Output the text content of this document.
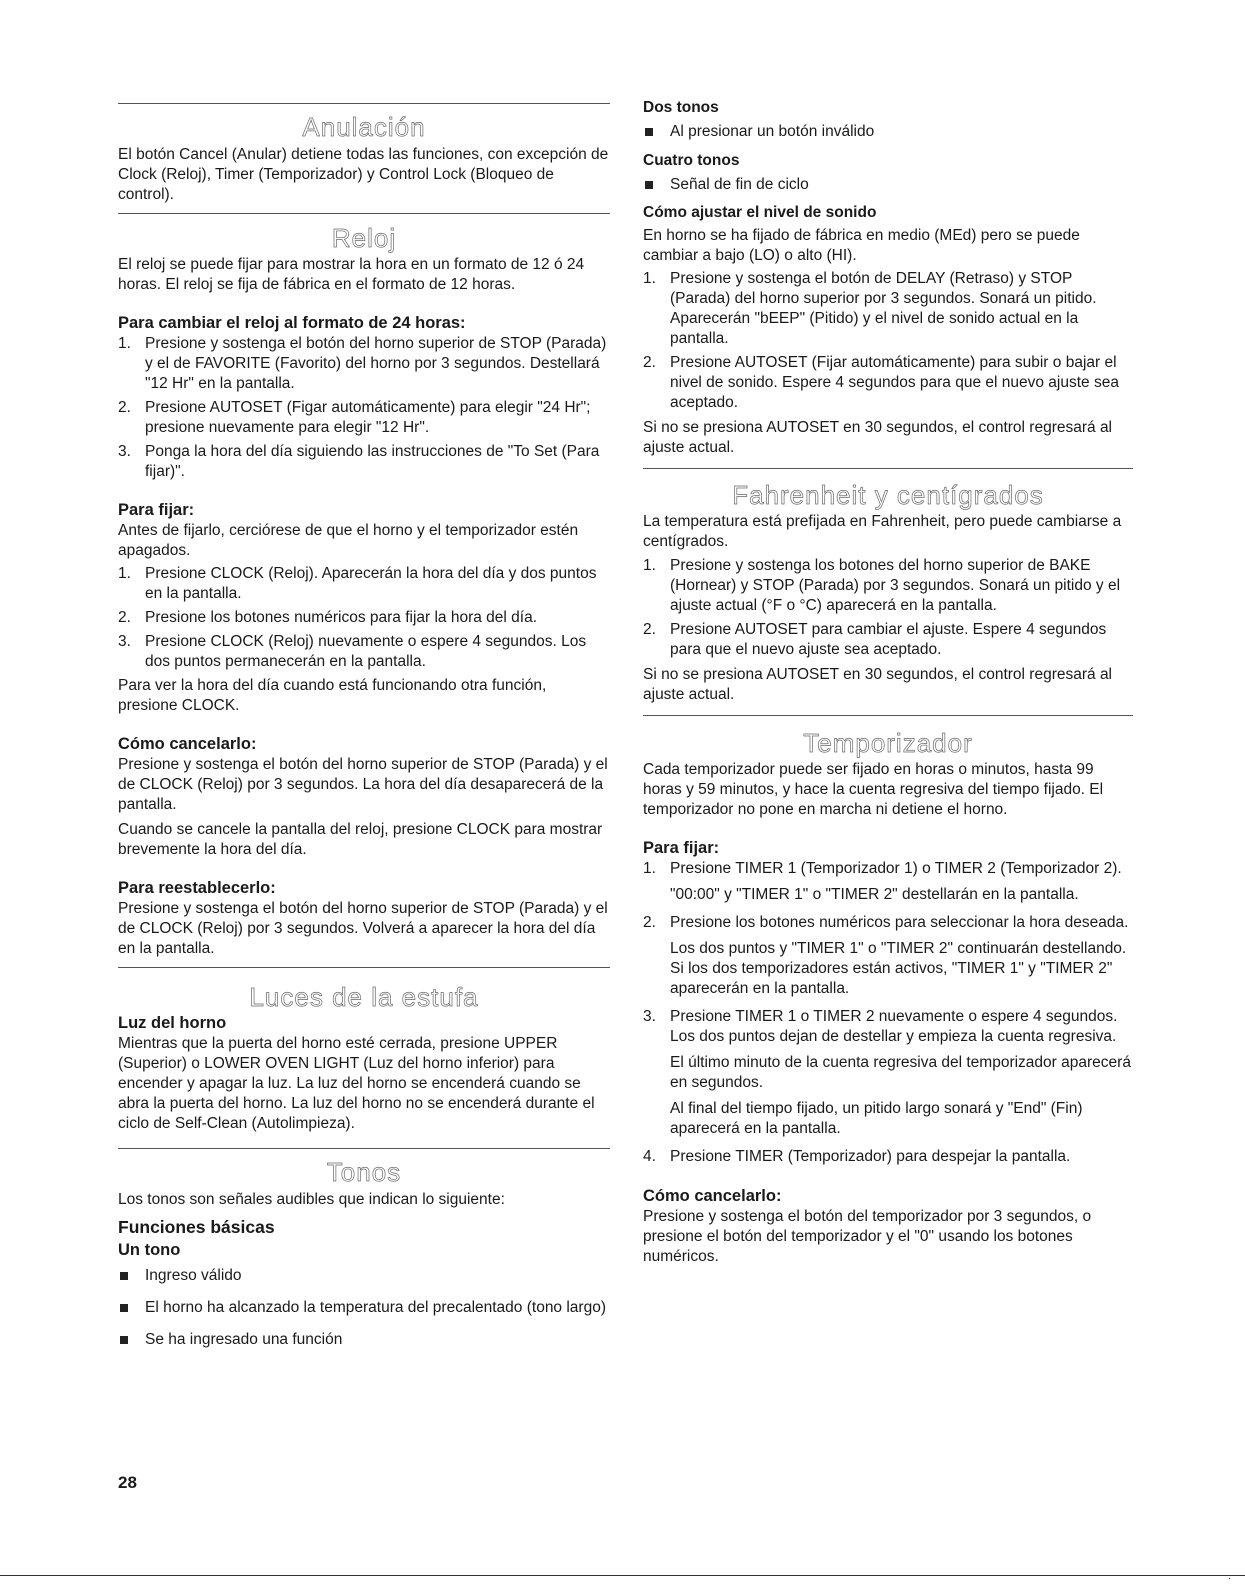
Anulación

El botón Cancel (Anular) detiene todas las funciones, con excepción de Clock (Reloj), Timer (Temporizador) y Control Lock (Bloqueo de control).

Reloj

El reloj se puede fijar para mostrar la hora en un formato de 12 ó 24 horas. El reloj se fija de fábrica en el formato de 12 horas.

Para cambiar el reloj al formato de 24 horas:
1. Presione y sostenga el botón del horno superior de STOP (Parada) y el de FAVORITE (Favorito) del horno por 3 segundos. Destellará "12 Hr" en la pantalla.
2. Presione AUTOSET (Figar automáticamente) para elegir "24 Hr"; presione nuevamente para elegir "12 Hr".
3. Ponga la hora del día siguiendo las instrucciones de "To Set (Para fijar)".
Para fijar:

Antes de fijarlo, cerciórese de que el horno y el temporizador estén apagados.

1. Presione CLOCK (Reloj). Aparecerán la hora del día y dos puntos en la pantalla.
2. Presione los botones numéricos para fijar la hora del día.
3. Presione CLOCK (Reloj) nuevamente o espere 4 segundos. Los dos puntos permanecerán en la pantalla.

Para ver la hora del día cuando está funcionando otra función, presione CLOCK.

Cómo cancelarlo:

Presione y sostenga el botón del horno superior de STOP (Parada) y el de CLOCK (Reloj) por 3 segundos. La hora del día desaparecerá de la pantalla.

Cuando se cancele la pantalla del reloj, presione CLOCK para mostrar brevemente la hora del día.

Para reestablecerlo:

Presione y sostenga el botón del horno superior de STOP (Parada) y el de CLOCK (Reloj) por 3 segundos. Volverá a aparecer la hora del día en la pantalla.

Luces de la estufa
Luz del horno

Mientras que la puerta del horno esté cerrada, presione UPPER (Superior) o LOWER OVEN LIGHT (Luz del horno inferior) para encender y apagar la luz. La luz del horno se encenderá cuando se abra la puerta del horno. La luz del horno no se encenderá durante el ciclo de Self-Clean (Autolimpieza).

Tonos

Los tonos son señales audibles que indican lo siguiente:

Funciones básicas
Un tono
Ingreso válido
El horno ha alcanzado la temperatura del precalentado (tono largo)
Se ha ingresado una función
Dos tonos
Al presionar un botón inválido
Cuatro tonos
Señal de fin de ciclo
Cómo ajustar el nivel de sonido

En horno se ha fijado de fábrica en medio (MEd) pero se puede cambiar a bajo (LO) o alto (HI).

1. Presione y sostenga el botón de DELAY (Retraso) y STOP (Parada) del horno superior por 3 segundos. Sonará un pitido. Aparecerán "bEEP" (Pitido) y el nivel de sonido actual en la pantalla.
2. Presione AUTOSET (Fijar automáticamente) para subir o bajar el nivel de sonido. Espere 4 segundos para que el nuevo ajuste sea aceptado.

Si no se presiona AUTOSET en 30 segundos, el control regresará al ajuste actual.

Fahrenheit y centígrados

La temperatura está prefijada en Fahrenheit, pero puede cambiarse a centígrados.

1. Presione y sostenga los botones del horno superior de BAKE (Hornear) y STOP (Parada) por 3 segundos. Sonará un pitido y el ajuste actual (°F o °C) aparecerá en la pantalla.
2. Presione AUTOSET para cambiar el ajuste. Espere 4 segundos para que el nuevo ajuste sea aceptado.

Si no se presiona AUTOSET en 30 segundos, el control regresará al ajuste actual.

Temporizador

Cada temporizador puede ser fijado en horas o minutos, hasta 99 horas y 59 minutos, y hace la cuenta regresiva del tiempo fijado. El temporizador no pone en marcha ni detiene el horno.

Para fijar:
1. Presione TIMER 1 (Temporizador 1) o TIMER 2 (Temporizador 2).

"00:00" y "TIMER 1" o "TIMER 2" destellarán en la pantalla.

2. Presione los botones numéricos para seleccionar la hora deseada.

Los dos puntos y "TIMER 1" o "TIMER 2" continuarán destellando. Si los dos temporizadores están activos, "TIMER 1" y "TIMER 2" aparecerán en la pantalla.

3. Presione TIMER 1 o TIMER 2 nuevamente o espere 4 segundos. Los dos puntos dejan de destellar y empieza la cuenta regresiva.

El último minuto de la cuenta regresiva del temporizador aparecerá en segundos.

Al final del tiempo fijado, un pitido largo sonará y "End" (Fin) aparecerá en la pantalla.

4. Presione TIMER (Temporizador) para despejar la pantalla.

Cómo cancelarlo:

Presione y sostenga el botón del temporizador por 3 segundos, o presione el botón del temporizador y el "0" usando los botones numéricos.

28
·
